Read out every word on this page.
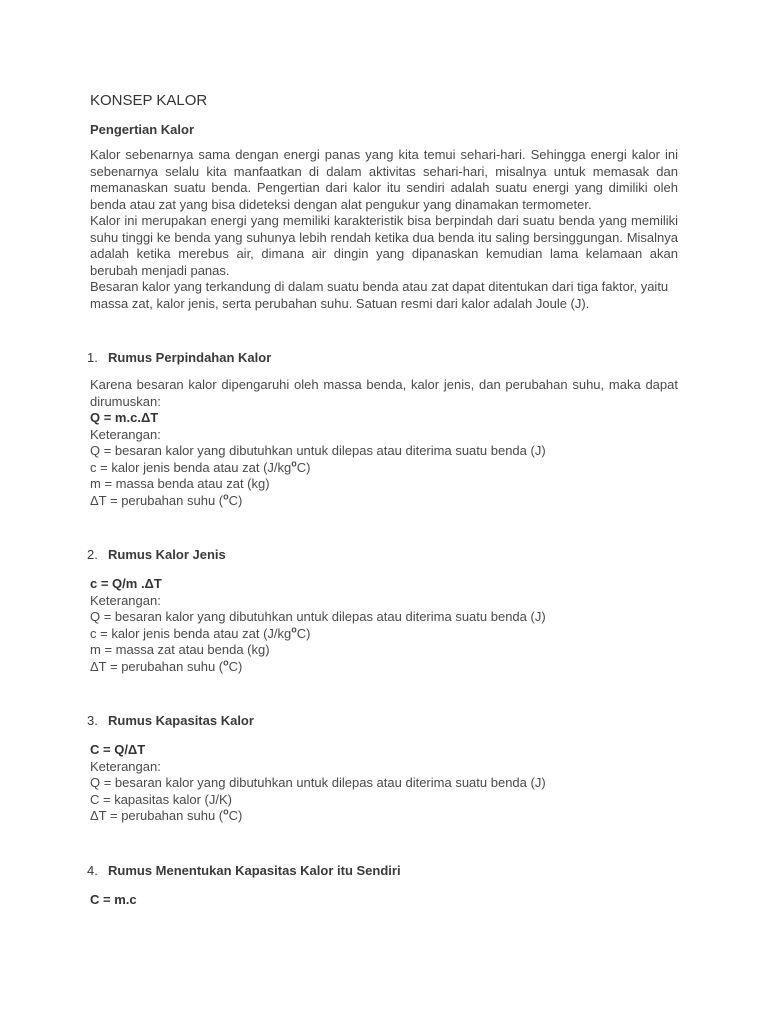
KONSEP KALOR
Pengertian Kalor

Kalor sebenarnya sama dengan energi panas yang kita temui sehari-hari. Sehingga energi kalor ini sebenarnya selalu kita manfaatkan di dalam aktivitas sehari-hari, misalnya untuk memasak dan memanaskan suatu benda. Pengertian dari kalor itu sendiri adalah suatu energi yang dimiliki oleh benda atau zat yang bisa dideteksi dengan alat pengukur yang dinamakan termometer.

Kalor ini merupakan energi yang memiliki karakteristik bisa berpindah dari suatu benda yang memiliki suhu tinggi ke benda yang suhunya lebih rendah ketika dua benda itu saling bersinggungan. Misalnya adalah ketika merebus air, dimana air dingin yang dipanaskan kemudian lama kelamaan akan berubah menjadi panas.

Besaran kalor yang terkandung di dalam suatu benda atau zat dapat ditentukan dari tiga faktor, yaitu massa zat, kalor jenis, serta perubahan suhu. Satuan resmi dari kalor adalah Joule (J).

1. Rumus Perpindahan Kalor

Karena besaran kalor dipengaruhi oleh massa benda, kalor jenis, dan perubahan suhu, maka dapat dirumuskan:

Q = m.c.ΔT

Keterangan:

Q = besaran kalor yang dibutuhkan untuk dilepas atau diterima suatu benda (J)

c = kalor jenis benda atau zat $(J/kg^oC)$

m = massa benda atau zat (kg)

ΔT = perubahan suhu ($^o$C)

2. Rumus Kalor Jenis

c = Q/m .ΔT

Keterangan:

Q = besaran kalor yang dibutuhkan untuk dilepas atau diterima suatu benda (J)

c = kalor jenis benda atau zat $(J/kg^oC)$

m = massa zat atau benda (kg)

ΔT = perubahan suhu ($^o$C)

3. Rumus Kapasitas Kalor

C = Q/ΔT

Keterangan:

Q = besaran kalor yang dibutuhkan untuk dilepas atau diterima suatu benda (J)

C = kapasitas kalor (J/K)

ΔT = perubahan suhu ($^o$C)

4. Rumus Menentukan Kapasitas Kalor itu Sendiri

C = m.c
